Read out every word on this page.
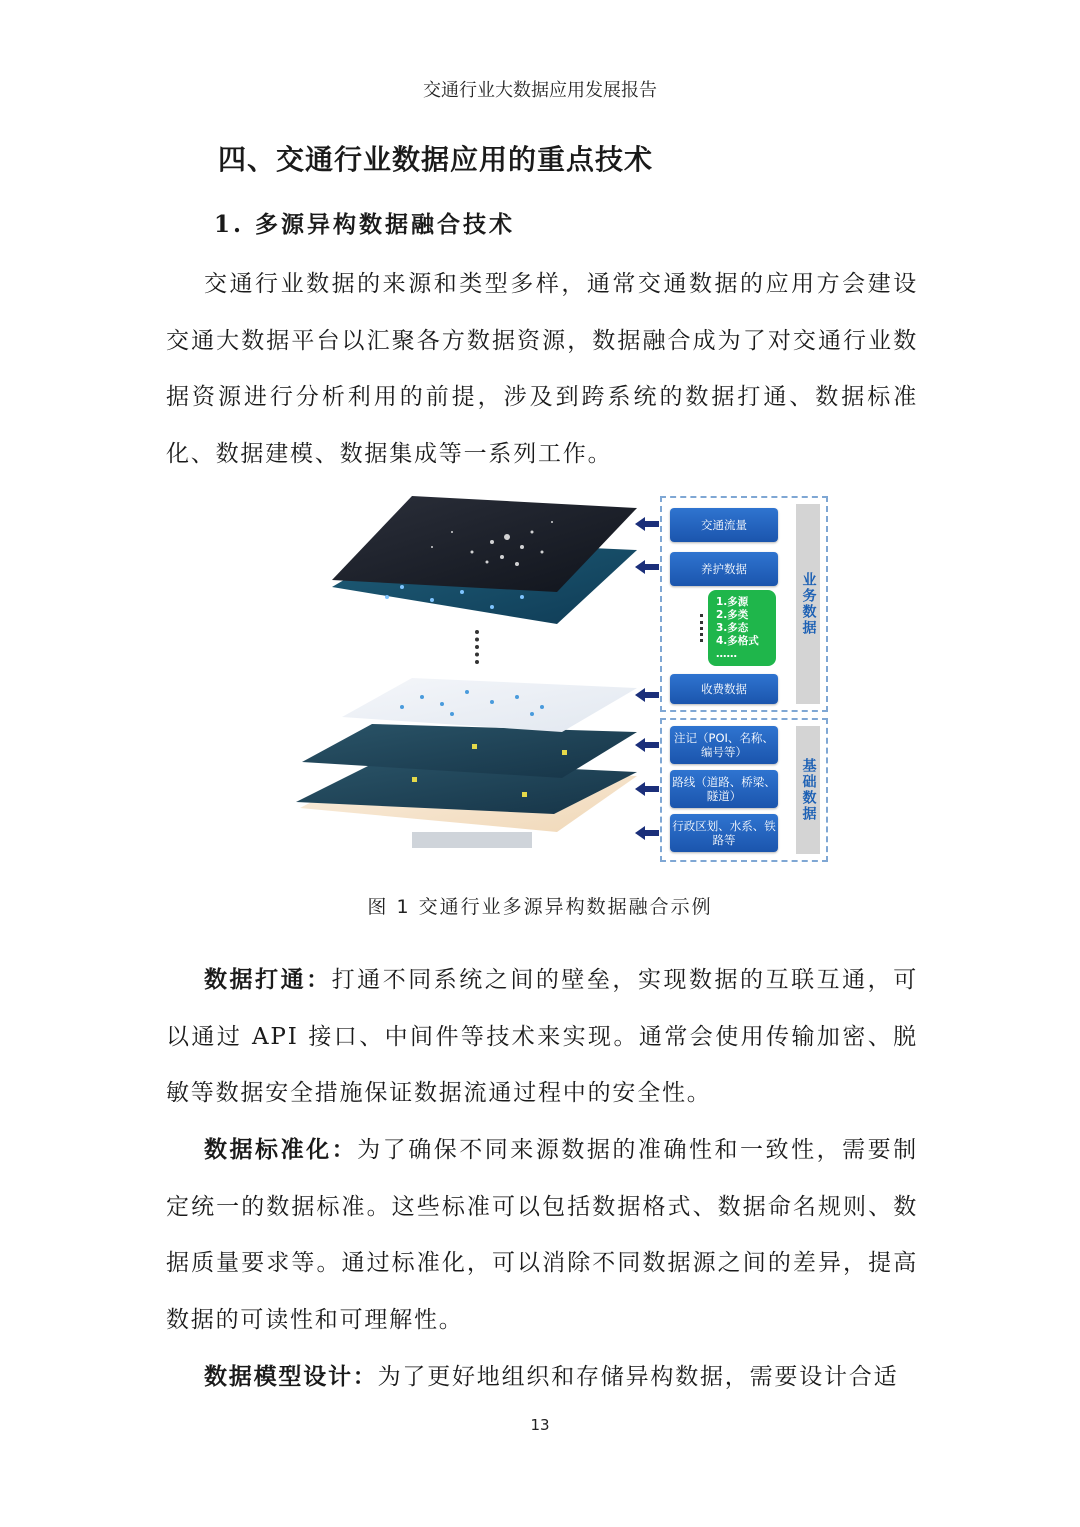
交通行业大数据应用发展报告
四、交通行业数据应用的重点技术
1. 多源异构数据融合技术

交通行业数据的来源和类型多样，通常交通数据的应用方会建设交通大数据平台以汇聚各方数据资源，数据融合成为了对交通行业数据资源进行分析利用的前提，涉及到跨系统的数据打通、数据标准化、数据建模、数据集成等一系列工作。

交通流量
养护数据
1.多源
2.多类
3.多态
4.多格式
……
收费数据
业务数据
注记（POI、名称、编号等）
路线（道路、桥梁、隧道）
行政区划、水系、铁路等
基础数据
图 1 交通行业多源异构数据融合示例

数据打通：打通不同系统之间的壁垒，实现数据的互联互通，可以通过 API 接口、中间件等技术来实现。通常会使用传输加密、脱敏等数据安全措施保证数据流通过程中的安全性。

数据标准化：为了确保不同来源数据的准确性和一致性，需要制定统一的数据标准。这些标准可以包括数据格式、数据命名规则、数据质量要求等。通过标准化，可以消除不同数据源之间的差异，提高数据的可读性和可理解性。

数据模型设计：为了更好地组织和存储异构数据，需要设计合适

13
